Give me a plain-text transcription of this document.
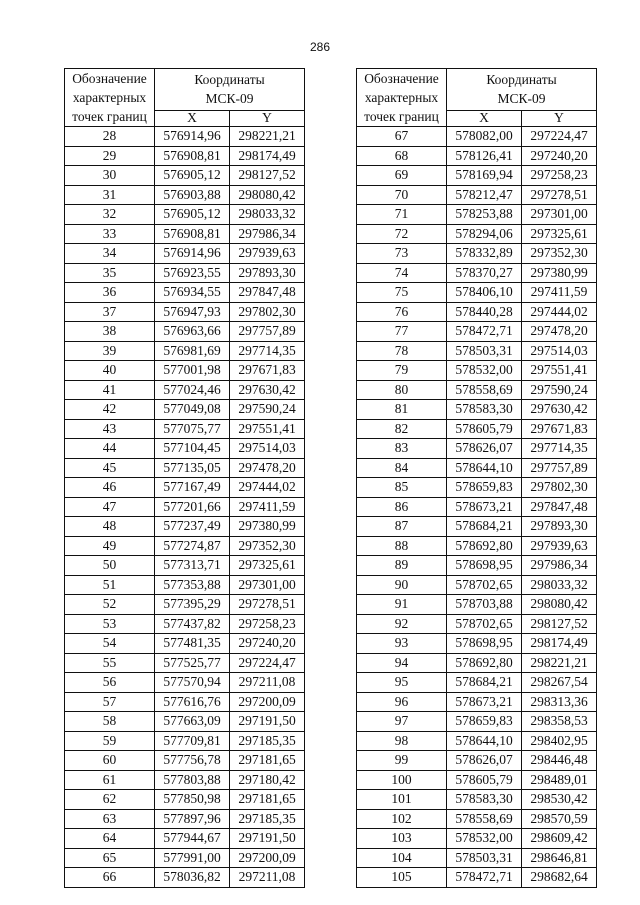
286
Обозначение
характерных
точек границ	Координаты
МСК-09	
	X	Y
28	576914,96	298221,21
29	576908,81	298174,49
30	576905,12	298127,52
31	576903,88	298080,42
32	576905,12	298033,32
33	576908,81	297986,34
34	576914,96	297939,63
35	576923,55	297893,30
36	576934,55	297847,48
37	576947,93	297802,30
38	576963,66	297757,89
39	576981,69	297714,35
40	577001,98	297671,83
41	577024,46	297630,42
42	577049,08	297590,24
43	577075,77	297551,41
44	577104,45	297514,03
45	577135,05	297478,20
46	577167,49	297444,02
47	577201,66	297411,59
48	577237,49	297380,99
49	577274,87	297352,30
50	577313,71	297325,61
51	577353,88	297301,00
52	577395,29	297278,51
53	577437,82	297258,23
54	577481,35	297240,20
55	577525,77	297224,47
56	577570,94	297211,08
57	577616,76	297200,09
58	577663,09	297191,50
59	577709,81	297185,35
60	577756,78	297181,65
61	577803,88	297180,42
62	577850,98	297181,65
63	577897,96	297185,35
64	577944,67	297191,50
65	577991,00	297200,09
66	578036,82	297211,08
Обозначение
характерных
точек границ	Координаты
МСК-09	
	X	Y
67	578082,00	297224,47
68	578126,41	297240,20
69	578169,94	297258,23
70	578212,47	297278,51
71	578253,88	297301,00
72	578294,06	297325,61
73	578332,89	297352,30
74	578370,27	297380,99
75	578406,10	297411,59
76	578440,28	297444,02
77	578472,71	297478,20
78	578503,31	297514,03
79	578532,00	297551,41
80	578558,69	297590,24
81	578583,30	297630,42
82	578605,79	297671,83
83	578626,07	297714,35
84	578644,10	297757,89
85	578659,83	297802,30
86	578673,21	297847,48
87	578684,21	297893,30
88	578692,80	297939,63
89	578698,95	297986,34
90	578702,65	298033,32
91	578703,88	298080,42
92	578702,65	298127,52
93	578698,95	298174,49
94	578692,80	298221,21
95	578684,21	298267,54
96	578673,21	298313,36
97	578659,83	298358,53
98	578644,10	298402,95
99	578626,07	298446,48
100	578605,79	298489,01
101	578583,30	298530,42
102	578558,69	298570,59
103	578532,00	298609,42
104	578503,31	298646,81
105	578472,71	298682,64
